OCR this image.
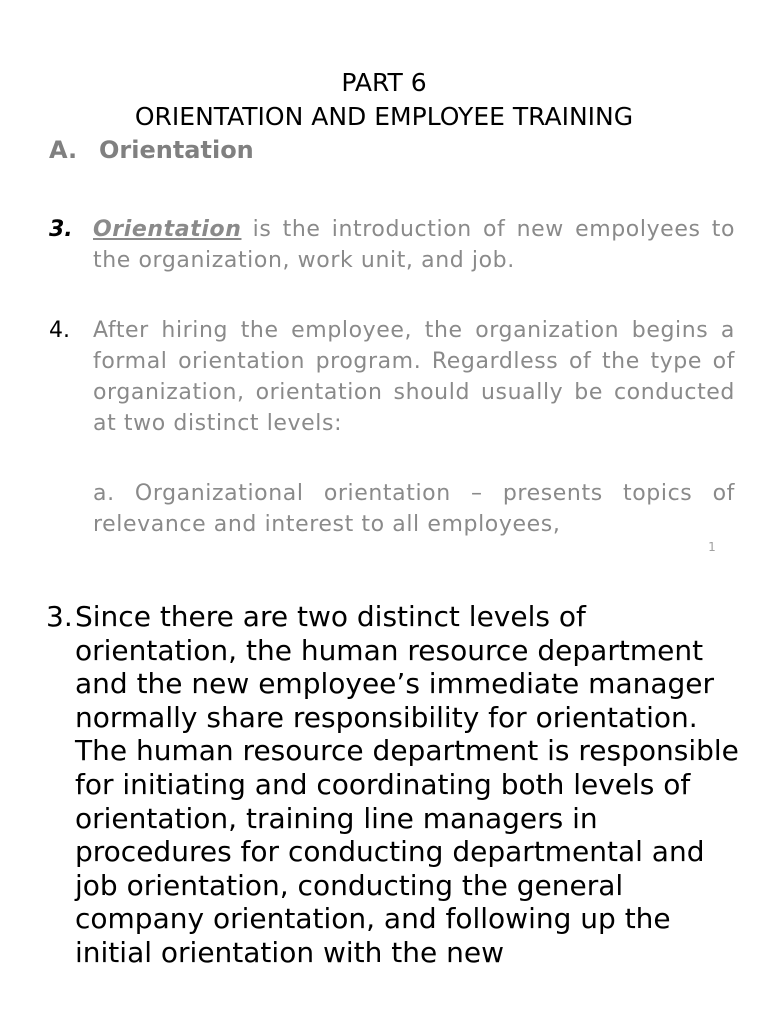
PART 6
ORIENTATION AND EMPLOYEE TRAINING
A. Orientation
3. Orientation is the introduction of new empolyees to the organization, work unit, and job.
4. After hiring the employee, the organization begins a formal orientation program. Regardless of the type of organization, orientation should usually be conducted at two distinct levels:
a. Organizational orientation – presents topics of relevance and interest to all employees,
1
3. Since there are two distinct levels of orientation, the human resource department and the new employee’s immediate manager normally share responsibility for orientation. The human resource department is responsible for initiating and coordinating both levels of orientation, training line managers in procedures for conducting departmental and job orientation, conducting the general company orientation, and following up the initial orientation with the new
